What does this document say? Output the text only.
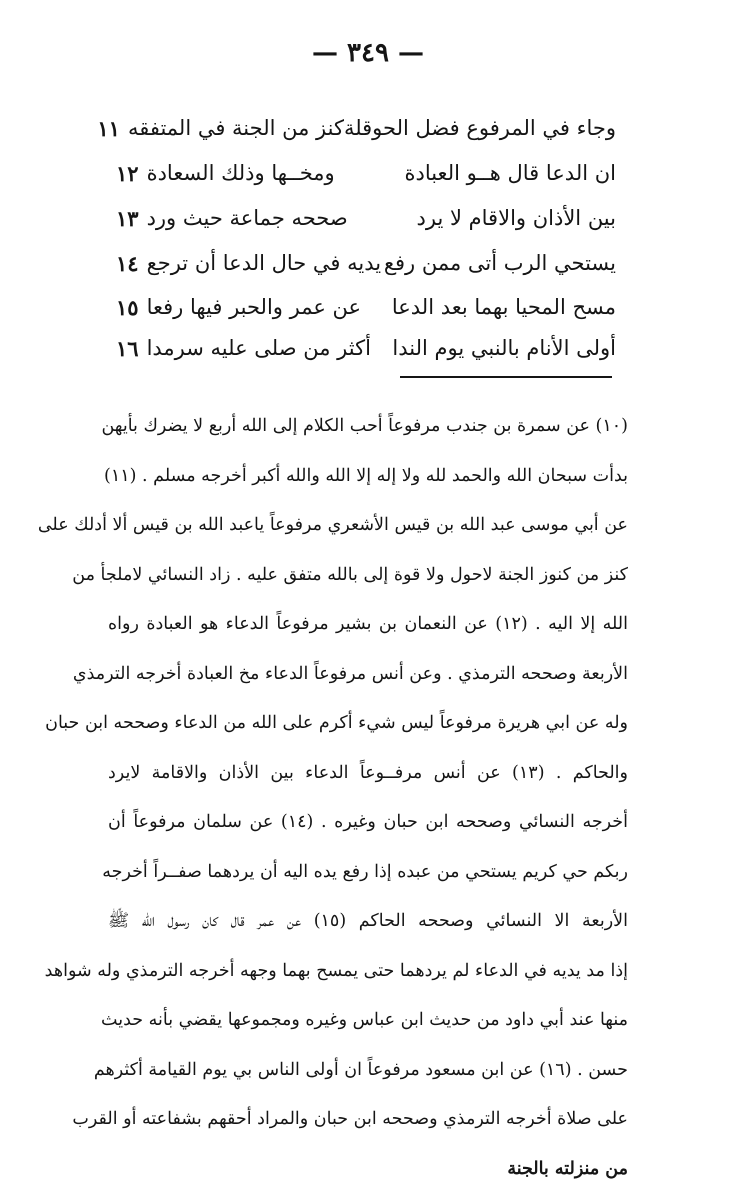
— ٣٤٩ —
وجاء في المرفوع فضل الحوقلة
كنز من الجنة في المتفقه
١١
ان الدعا قال هــو العبادة
ومخــها وذلك السعادة
١٢
بين الأذان والاقام لا يرد
صححه جماعة حيث ورد
١٣
يستحي الرب أتى ممن رفع
يديه في حال الدعا أن ترجع
١٤
مسح المحيا بهما بعد الدعا
عن عمر والحبر فيها رفعا
١٥
أولى الأنام بالنبي يوم الندا
أكثر من صلى عليه سرمدا
١٦
(١٠) عن سمرة بن جندب مرفوعاً أحب الكلام إلى الله أربع لا يضرك بأيهن
بدأت سبحان الله والحمد لله ولا إله إلا الله والله أكبر أخرجه مسلم . (١١)
عن أبي موسى عبد الله بن قيس الأشعري مرفوعاً ياعبد الله بن قيس ألا أدلك على
كنز من كنوز الجنة لاحول ولا قوة إلى بالله متفق عليه . زاد النسائي لاملجأ من
الله إلا اليه . (١٢) عن النعمان بن بشير مرفوعاً الدعاء هو العبادة رواه
الأربعة وصححه الترمذي . وعن أنس مرفوعاً الدعاء مخ العبادة أخرجه الترمذي
وله عن ابي هريرة مرفوعاً ليس شيء أكرم على الله من الدعاء وصححه ابن حبان
والحاكم . (١٣) عن أنس مرفــوعاً الدعاء بين الأذان والاقامة لايرد
أخرجه النسائي وصححه ابن حبان وغيره . (١٤) عن سلمان مرفوعاً أن
ربكم حي كريم يستحي من عبده إذا رفع يده اليه أن يردهما صفــراً أخرجه
الأربعة الا النسائي وصححه الحاكم (١٥) عن عمر قال كان رسول الله ﷺ
إذا مد يديه في الدعاء لم يردهما حتى يمسح بهما وجهه أخرجه الترمذي وله شواهد
منها عند أبي داود من حديث ابن عباس وغيره ومجموعها يقضي بأنه حديث
حسن . (١٦) عن ابن مسعود مرفوعاً ان أولى الناس بي يوم القيامة أكثرهم
على صلاة أخرجه الترمذي وصححه ابن حبان والمراد أحقهم بشفاعته أو القرب
من منزلته بالجنة
